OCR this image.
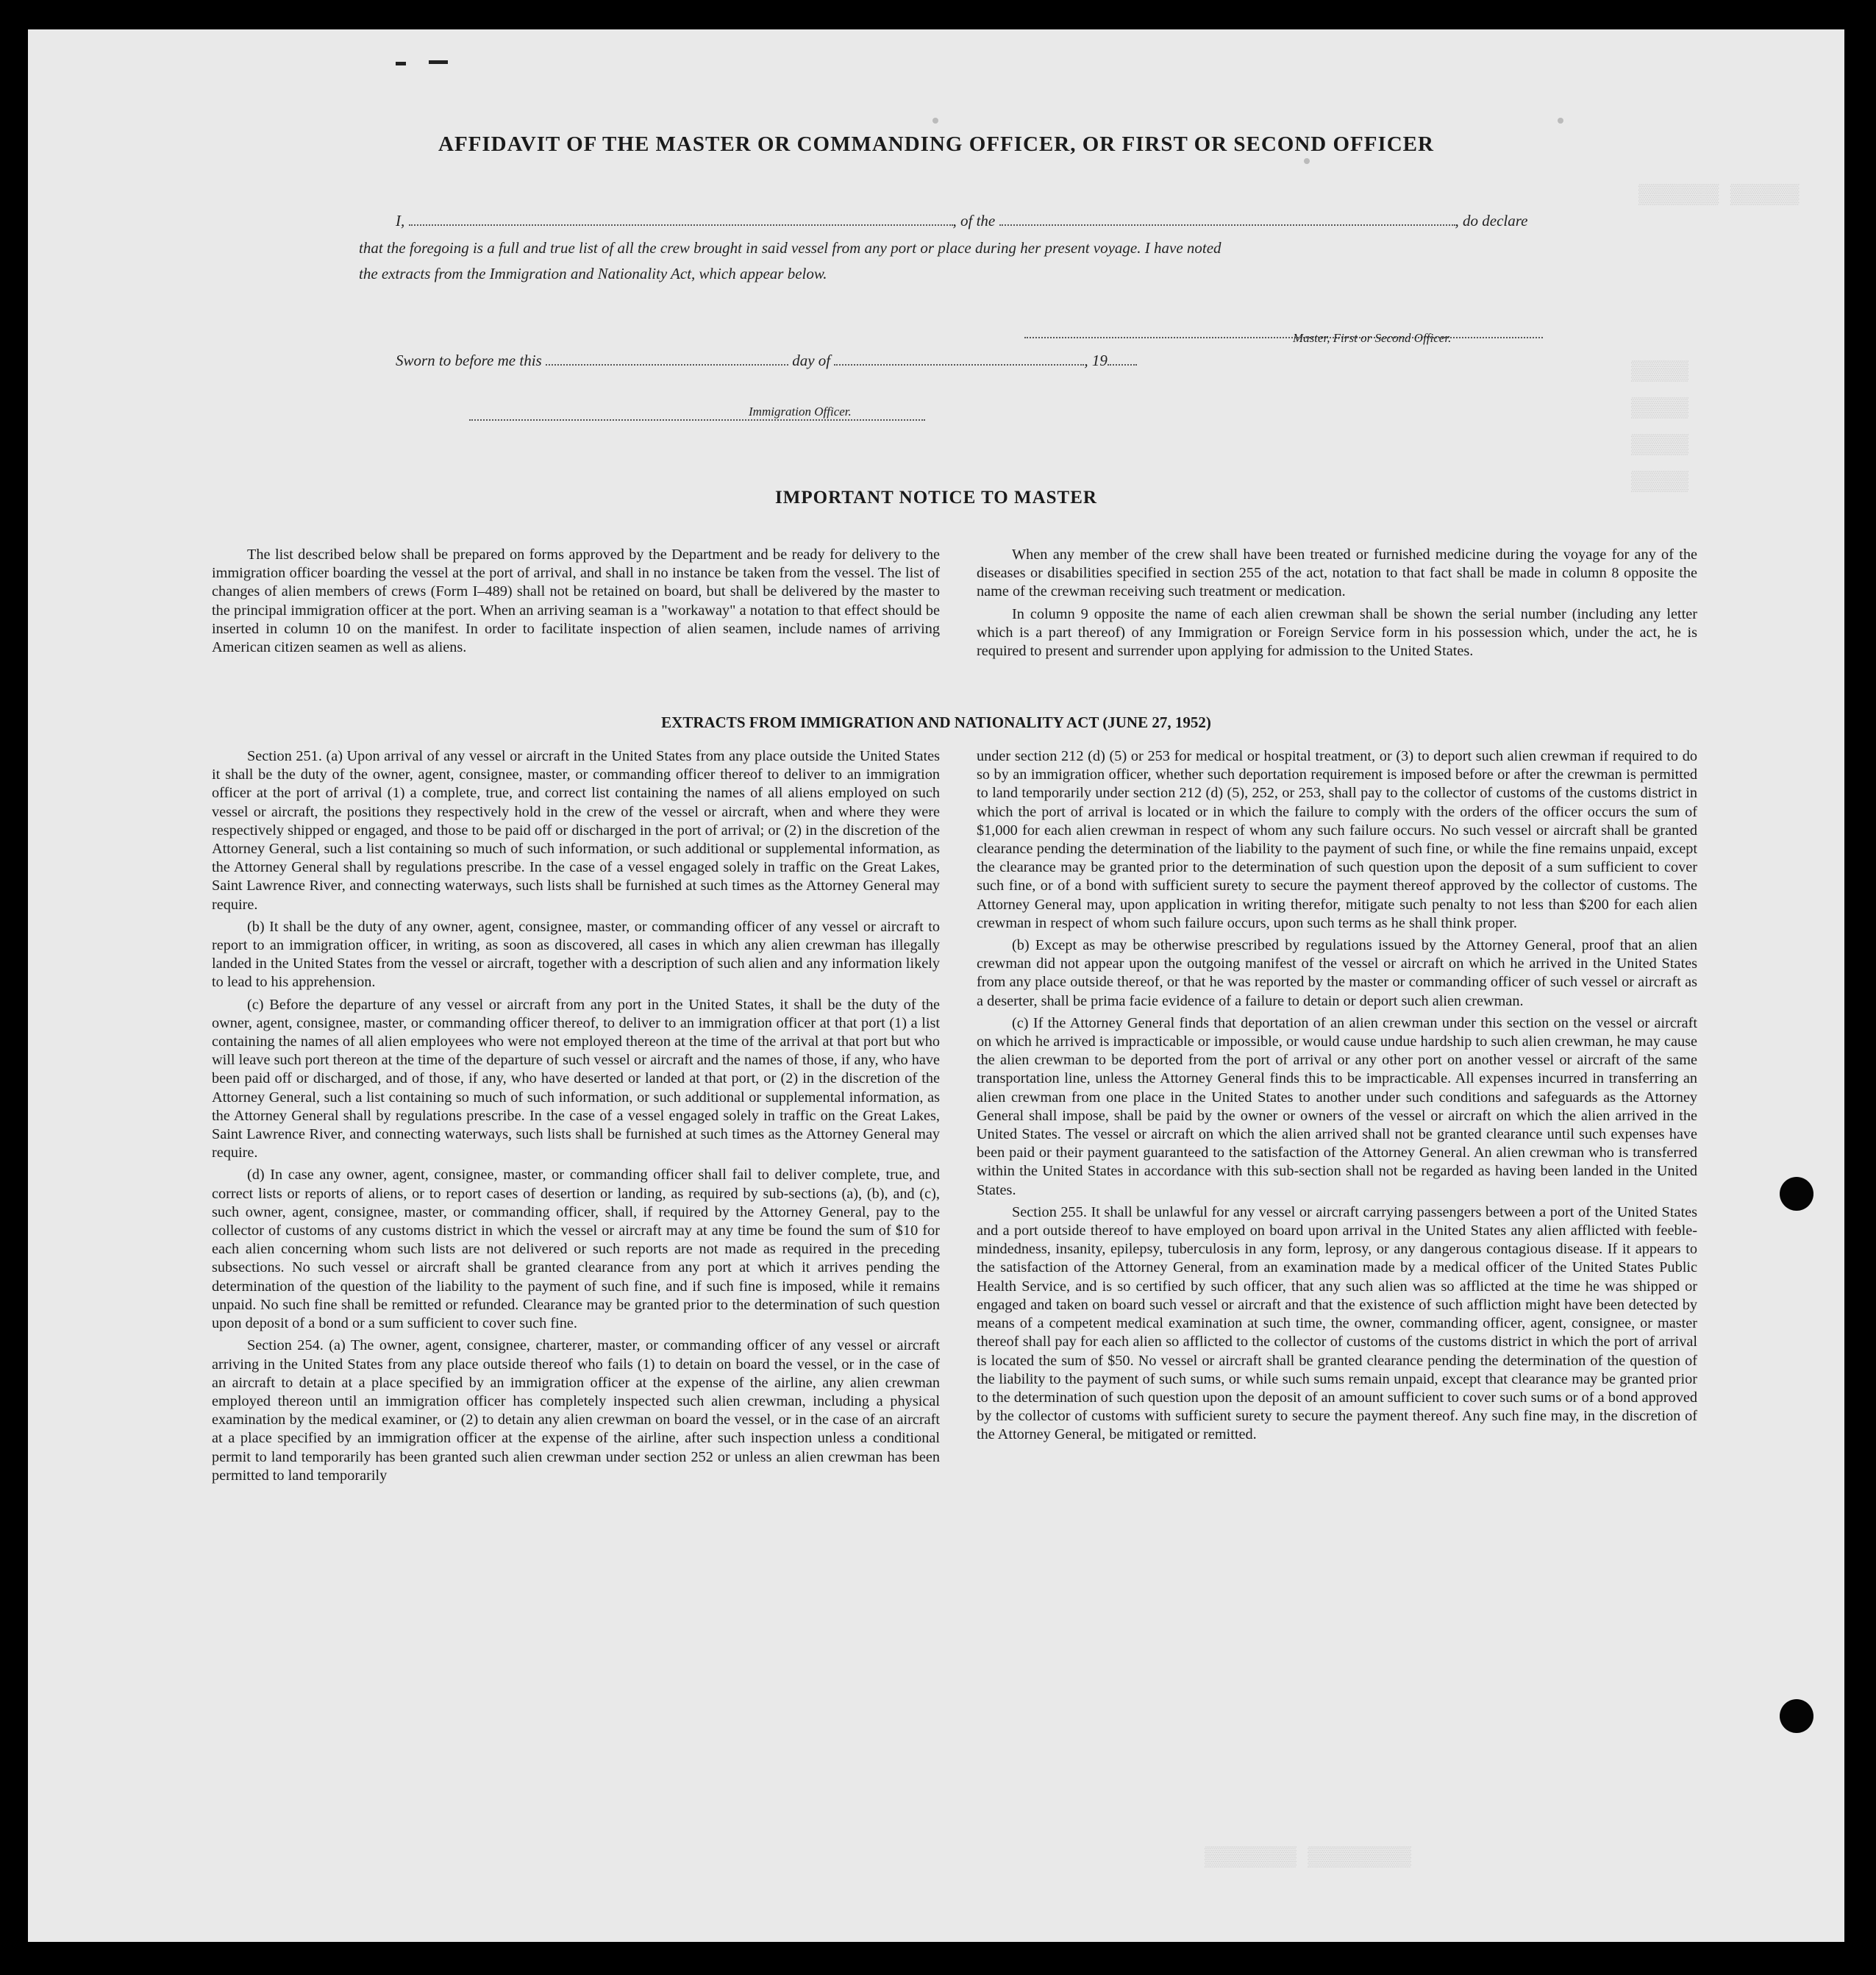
▒▒▒▒▒▒▒ ▒▒▒▒▒▒
▒▒▒▒▒
▒▒▒▒▒
▒▒▒▒▒
▒▒▒▒▒
▒▒▒▒▒▒▒▒ ▒▒▒▒▒▒▒▒▒
AFFIDAVIT OF THE MASTER OR COMMANDING OFFICER, OR FIRST OR SECOND OFFICER
I,	, of the	, do declare
that the foregoing is a full and true list of all the crew brought in said vessel from any port or place during her present voyage. I have noted
the extracts from the Immigration and Nationality Act, which appear below.
Master, First or Second Officer.
Sworn to before me this	day of	, 19
Immigration Officer.
IMPORTANT NOTICE TO MASTER

The list described below shall be prepared on forms approved by the Department and be ready for delivery to the immigration officer boarding the vessel at the port of arrival, and shall in no instance be taken from the vessel. The list of changes of alien members of crews (Form I–489) shall not be retained on board, but shall be delivered by the master to the principal immigration officer at the port. When an arriving seaman is a "workaway" a notation to that effect should be inserted in column 10 on the manifest. In order to facilitate inspection of alien seamen, include names of arriving American citizen seamen as well as aliens.

When any member of the crew shall have been treated or furnished medicine during the voyage for any of the diseases or disabilities specified in section 255 of the act, notation to that fact shall be made in column 8 opposite the name of the crewman receiving such treatment or medication.

In column 9 opposite the name of each alien crewman shall be shown the serial number (including any letter which is a part thereof) of any Immigration or Foreign Service form in his possession which, under the act, he is required to present and surrender upon applying for admission to the United States.

EXTRACTS FROM IMMIGRATION AND NATIONALITY ACT (JUNE 27, 1952)

Section 251. (a) Upon arrival of any vessel or aircraft in the United States from any place outside the United States it shall be the duty of the owner, agent, consignee, master, or commanding officer thereof to deliver to an immigration officer at the port of arrival (1) a complete, true, and correct list containing the names of all aliens employed on such vessel or aircraft, the positions they respectively hold in the crew of the vessel or aircraft, when and where they were respectively shipped or engaged, and those to be paid off or discharged in the port of arrival; or (2) in the discretion of the Attorney General, such a list containing so much of such information, or such additional or supplemental information, as the Attorney General shall by regulations prescribe. In the case of a vessel engaged solely in traffic on the Great Lakes, Saint Lawrence River, and connecting waterways, such lists shall be furnished at such times as the Attorney General may require.

(b) It shall be the duty of any owner, agent, consignee, master, or commanding officer of any vessel or aircraft to report to an immigration officer, in writing, as soon as discovered, all cases in which any alien crewman has illegally landed in the United States from the vessel or aircraft, together with a description of such alien and any information likely to lead to his apprehension.

(c) Before the departure of any vessel or aircraft from any port in the United States, it shall be the duty of the owner, agent, consignee, master, or commanding officer thereof, to deliver to an immigration officer at that port (1) a list containing the names of all alien employees who were not employed thereon at the time of the arrival at that port but who will leave such port thereon at the time of the departure of such vessel or aircraft and the names of those, if any, who have been paid off or discharged, and of those, if any, who have deserted or landed at that port, or (2) in the discretion of the Attorney General, such a list containing so much of such information, or such additional or supplemental information, as the Attorney General shall by regulations prescribe. In the case of a vessel engaged solely in traffic on the Great Lakes, Saint Lawrence River, and connecting waterways, such lists shall be furnished at such times as the Attorney General may require.

(d) In case any owner, agent, consignee, master, or commanding officer shall fail to deliver complete, true, and correct lists or reports of aliens, or to report cases of desertion or landing, as required by sub-sections (a), (b), and (c), such owner, agent, consignee, master, or commanding officer, shall, if required by the Attorney General, pay to the collector of customs of any customs district in which the vessel or aircraft may at any time be found the sum of $10 for each alien concerning whom such lists are not delivered or such reports are not made as required in the preceding subsections. No such vessel or aircraft shall be granted clearance from any port at which it arrives pending the determination of the question of the liability to the payment of such fine, and if such fine is imposed, while it remains unpaid. No such fine shall be remitted or refunded. Clearance may be granted prior to the determination of such question upon deposit of a bond or a sum sufficient to cover such fine.

Section 254. (a) The owner, agent, consignee, charterer, master, or commanding officer of any vessel or aircraft arriving in the United States from any place outside thereof who fails (1) to detain on board the vessel, or in the case of an aircraft to detain at a place specified by an immigration officer at the expense of the airline, any alien crewman employed thereon until an immigration officer has completely inspected such alien crewman, including a physical examination by the medical examiner, or (2) to detain any alien crewman on board the vessel, or in the case of an aircraft at a place specified by an immigration officer at the expense of the airline, after such inspection unless a conditional permit to land temporarily has been granted such alien crewman under section 252 or unless an alien crewman has been permitted to land temporarily

under section 212 (d) (5) or 253 for medical or hospital treatment, or (3) to deport such alien crewman if required to do so by an immigration officer, whether such deportation requirement is imposed before or after the crewman is permitted to land temporarily under section 212 (d) (5), 252, or 253, shall pay to the collector of customs of the customs district in which the port of arrival is located or in which the failure to comply with the orders of the officer occurs the sum of $1,000 for each alien crewman in respect of whom any such failure occurs. No such vessel or aircraft shall be granted clearance pending the determination of the liability to the payment of such fine, or while the fine remains unpaid, except the clearance may be granted prior to the determination of such question upon the deposit of a sum sufficient to cover such fine, or of a bond with sufficient surety to secure the payment thereof approved by the collector of customs. The Attorney General may, upon application in writing therefor, mitigate such penalty to not less than $200 for each alien crewman in respect of whom such failure occurs, upon such terms as he shall think proper.

(b) Except as may be otherwise prescribed by regulations issued by the Attorney General, proof that an alien crewman did not appear upon the outgoing manifest of the vessel or aircraft on which he arrived in the United States from any place outside thereof, or that he was reported by the master or commanding officer of such vessel or aircraft as a deserter, shall be prima facie evidence of a failure to detain or deport such alien crewman.

(c) If the Attorney General finds that deportation of an alien crewman under this section on the vessel or aircraft on which he arrived is impracticable or impossible, or would cause undue hardship to such alien crewman, he may cause the alien crewman to be deported from the port of arrival or any other port on another vessel or aircraft of the same transportation line, unless the Attorney General finds this to be impracticable. All expenses incurred in transferring an alien crewman from one place in the United States to another under such conditions and safeguards as the Attorney General shall impose, shall be paid by the owner or owners of the vessel or aircraft on which the alien arrived in the United States. The vessel or aircraft on which the alien arrived shall not be granted clearance until such expenses have been paid or their payment guaranteed to the satisfaction of the Attorney General. An alien crewman who is transferred within the United States in accordance with this sub-section shall not be regarded as having been landed in the United States.

Section 255. It shall be unlawful for any vessel or aircraft carrying passengers between a port of the United States and a port outside thereof to have employed on board upon arrival in the United States any alien afflicted with feeble-mindedness, insanity, epilepsy, tuberculosis in any form, leprosy, or any dangerous contagious disease. If it appears to the satisfaction of the Attorney General, from an examination made by a medical officer of the United States Public Health Service, and is so certified by such officer, that any such alien was so afflicted at the time he was shipped or engaged and taken on board such vessel or aircraft and that the existence of such affliction might have been detected by means of a competent medical examination at such time, the owner, commanding officer, agent, consignee, or master thereof shall pay for each alien so afflicted to the collector of customs of the customs district in which the port of arrival is located the sum of $50. No vessel or aircraft shall be granted clearance pending the determination of the question of the liability to the payment of such sums, or while such sums remain unpaid, except that clearance may be granted prior to the determination of such question upon the deposit of an amount sufficient to cover such sums or of a bond approved by the collector of customs with sufficient surety to secure the payment thereof. Any such fine may, in the discretion of the Attorney General, be mitigated or remitted.
